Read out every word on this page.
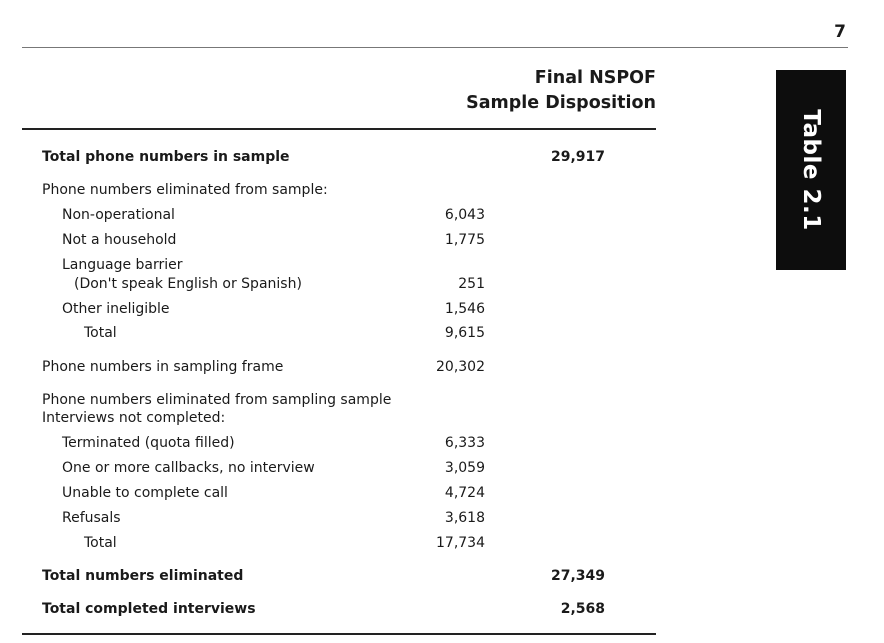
7
Table 2.1
Final NSPOF
Sample Disposition
Total phone numbers in sample	29,917
Phone numbers eliminated from sample:
Non-operational	6,043
Not a household	1,775
Language barrier
(Don't speak English or Spanish)	251
Other ineligible	1,546
Total	9,615
Phone numbers in sampling frame	20,302
Phone numbers eliminated from sampling sample
Interviews not completed:
Terminated (quota filled)	6,333
One or more callbacks, no interview	3,059
Unable to complete call	4,724
Refusals	3,618
Total	17,734
Total numbers eliminated	27,349
Total completed interviews	2,568
